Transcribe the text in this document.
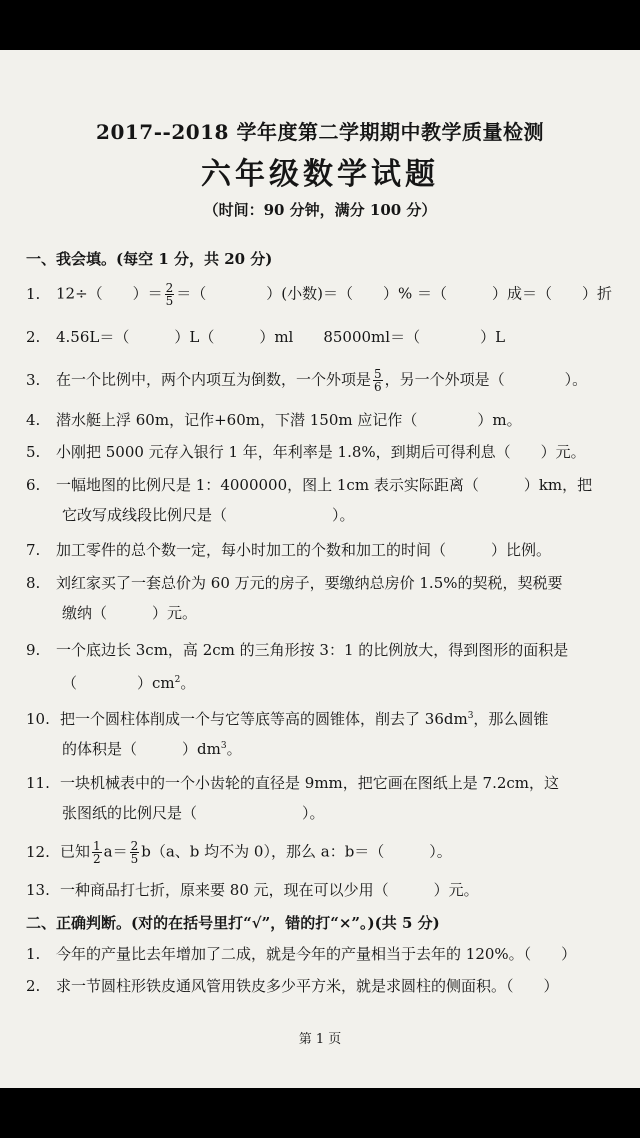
2017--2018 学年度第二学期期中教学质量检测
六年级数学试题
（时间：90 分钟，满分 100 分）
一、我会填。(每空 1 分，共 20 分)
1. 12÷（　　）＝ $\frac{2}{5}$ ＝（　　　　）(小数)＝（　　）% ＝（　　　）成＝（　　）折
2. 4.56L＝（　　　）L（　　　）ml　　85000ml＝（　　　　）L
3. 在一个比例中，两个内项互为倒数，一个外项是 $\frac{5}{6}$ ，另一个外项是（　　　　）。
4. 潜水艇上浮 60m，记作+60m，下潜 150m 应记作（　　　　）m。
5. 小刚把 5000 元存入银行 1 年，年利率是 1.8%，到期后可得利息（　　）元。
6. 一幅地图的比例尺是 1：4000000，图上 1cm 表示实际距离（　　　）km，把
它改写成线段比例尺是（　　　　　　　）。
7. 加工零件的总个数一定，每小时加工的个数和加工的时间（　　　）比例。
8. 刘红家买了一套总价为 60 万元的房子，要缴纳总房价 1.5%的契税，契税要
缴纳（　　　）元。
9. 一个底边长 3cm，高 2cm 的三角形按 3：1 的比例放大，得到图形的面积是
（　　　　）$cm^2$。
10. 把一个圆柱体削成一个与它等底等高的圆锥体，削去了 $36dm^3$，那么圆锥
的体积是（　　　）$dm^3$。
11. 一块机械表中的一个小齿轮的直径是 9mm，把它画在图纸上是 7.2cm，这
张图纸的比例尺是（　　　　　　　）。
12. 已知 $\frac{1}{2} a= \frac{2}{5} b(a$、b 均不为 0），那么 a：b＝（　　　）。
13. 一种商品打七折，原来要 80 元，现在可以少用（　　　）元。
二、正确判断。(对的在括号里打“√”，错的打“×”。)(共 5 分)
1. 今年的产量比去年增加了二成，就是今年的产量相当于去年的 120%。（　　）
2. 求一节圆柱形铁皮通风管用铁皮多少平方米，就是求圆柱的侧面积。（　　）
第 1 页
